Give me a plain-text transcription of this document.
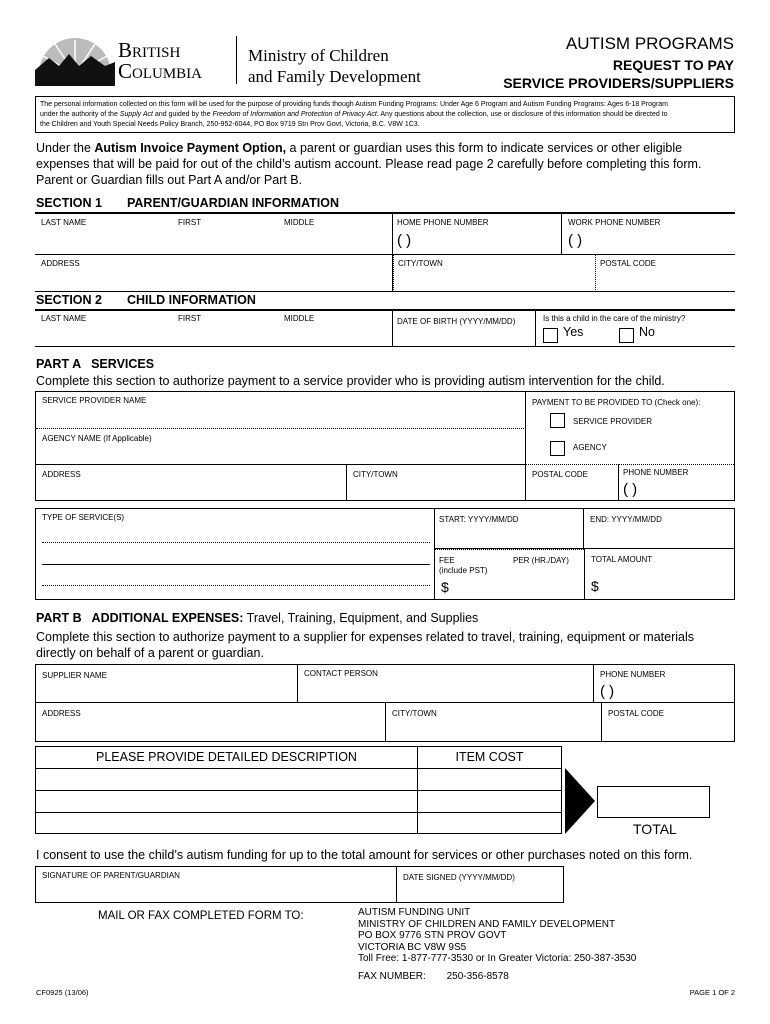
British
Columbia
Ministry of Children
and Family Development
AUTISM PROGRAMS
REQUEST TO PAY
SERVICE PROVIDERS/SUPPLIERS
The personal information collected on this form will be used for the purpose of providing funds though Autism Funding Programs: Under Age 6 Program and Autism Funding Programs: Ages 6-18 Program
under the authority of the Supply Act and guided by the Freedom of Information and Protection of Privacy Act. Any questions about the collection, use or disclosure of this information should be directed to
the Children and Youth Special Needs Policy Branch, 250-952-6044, PO Box 9719 Stn Prov Govt, Victoria, B.C. V8W 1C3.
Under the Autism Invoice Payment Option, a parent or guardian uses this form to indicate services or other eligible
expenses that will be paid for out of the child’s autism account. Please read page 2 carefully before completing this form.
Parent or Guardian fills out Part A and/or Part B.
SECTION 1 PARENT/GUARDIAN INFORMATION
LAST NAME	FIRST	MIDDLE	HOME PHONE NUMBER
( )
WORK PHONE NUMBER
( )
ADDRESS	CITY/TOWN	POSTAL CODE
SECTION 2 CHILD INFORMATION
LAST NAME	FIRST	MIDDLE	DATE OF BIRTH (YYYY/MM/DD)	Is this a child in the care of the ministry?
Yes	No
PART A   SERVICES
Complete this section to authorize payment to a service provider who is providing autism intervention for the child.
SERVICE PROVIDER NAME
AGENCY NAME (If Applicable)
PAYMENT TO BE PROVIDED TO (Check one):
SERVICE PROVIDER
AGENCY
ADDRESS	CITY/TOWN	POSTAL CODE	PHONE NUMBER
( )
TYPE OF SERVICE(S)	START: YYYY/MM/DD	END: YYYY/MM/DD
FEE
(include PST)
PER (HR./DAY)
$
TOTAL AMOUNT
$
PART B   ADDITIONAL EXPENSES: Travel, Training, Equipment, and Supplies
Complete this section to authorize payment to a supplier for expenses related to travel, training, equipment or materials
directly on behalf of a parent or guardian.
SUPPLIER NAME	CONTACT PERSON	PHONE NUMBER
( )
ADDRESS	CITY/TOWN	POSTAL CODE
PLEASE PROVIDE DETAILED DESCRIPTION	ITEM COST
TOTAL
I consent to use the child’s autism funding for up to the total amount for services or other purchases noted on this form.
SIGNATURE OF PARENT/GUARDIAN	DATE SIGNED (YYYY/MM/DD)
MAIL OR FAX COMPLETED FORM TO:	AUTISM FUNDING UNIT
MINISTRY OF CHILDREN AND FAMILY DEVELOPMENT
PO BOX 9776 STN PROV GOVT
VICTORIA BC V8W 9S5
Toll Free: 1-877-777-3530 or In Greater Victoria: 250-387-3530
FAX NUMBER: 250-356-8578
CF0925 (13/06)	PAGE 1 OF 2
